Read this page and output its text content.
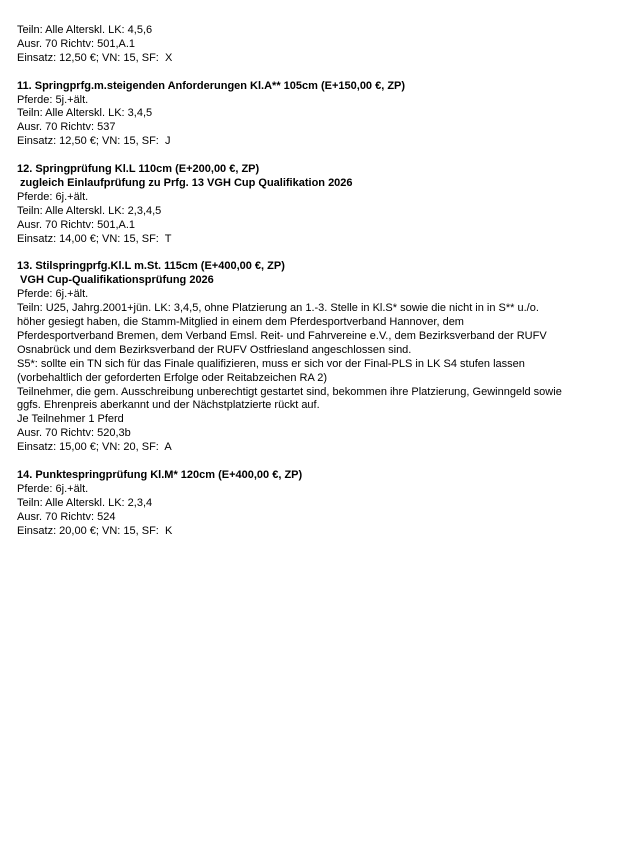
Teiln: Alle Alterskl. LK: 4,5,6
Ausr. 70 Richtv: 501,A.1
Einsatz: 12,50 €; VN: 15, SF:  X
11. Springprfg.m.steigenden Anforderungen Kl.A** 105cm (E+150,00 €, ZP)
Pferde: 5j.+ält.
Teiln: Alle Alterskl. LK: 3,4,5
Ausr. 70 Richtv: 537
Einsatz: 12,50 €; VN: 15, SF:  J
12. Springprüfung Kl.L 110cm (E+200,00 €, ZP)
zugleich Einlaufprüfung zu Prfg. 13 VGH Cup Qualifikation 2026
Pferde: 6j.+ält.
Teiln: Alle Alterskl. LK: 2,3,4,5
Ausr. 70 Richtv: 501,A.1
Einsatz: 14,00 €; VN: 15, SF:  T
13. Stilspringprfg.Kl.L m.St. 115cm (E+400,00 €, ZP)
VGH Cup-Qualifikationsprüfung 2026
Pferde: 6j.+ält.
Teiln: U25, Jahrg.2001+jün. LK: 3,4,5, ohne Platzierung an 1.-3. Stelle in Kl.S* sowie die nicht in in S** u./o.
höher gesiegt haben, die Stamm-Mitglied in einem dem Pferdesportverband Hannover, dem
Pferdesportverband Bremen, dem Verband Emsl. Reit- und Fahrvereine e.V., dem Bezirksverband der RUFV
Osnabrück und dem Bezirksverband der RUFV Ostfriesland angeschlossen sind.
S5*: sollte ein TN sich für das Finale qualifizieren, muss er sich vor der Final-PLS in LK S4 stufen lassen
(vorbehaltlich der geforderten Erfolge oder Reitabzeichen RA 2)
Teilnehmer, die gem. Ausschreibung unberechtigt gestartet sind, bekommen ihre Platzierung, Gewinngeld sowie
ggfs. Ehrenpreis aberkannt und der Nächstplatzierte rückt auf.
Je Teilnehmer 1 Pferd
Ausr. 70 Richtv: 520,3b
Einsatz: 15,00 €; VN: 20, SF:  A
14. Punktespringprüfung Kl.M* 120cm (E+400,00 €, ZP)
Pferde: 6j.+ält.
Teiln: Alle Alterskl. LK: 2,3,4
Ausr. 70 Richtv: 524
Einsatz: 20,00 €; VN: 15, SF:  K
